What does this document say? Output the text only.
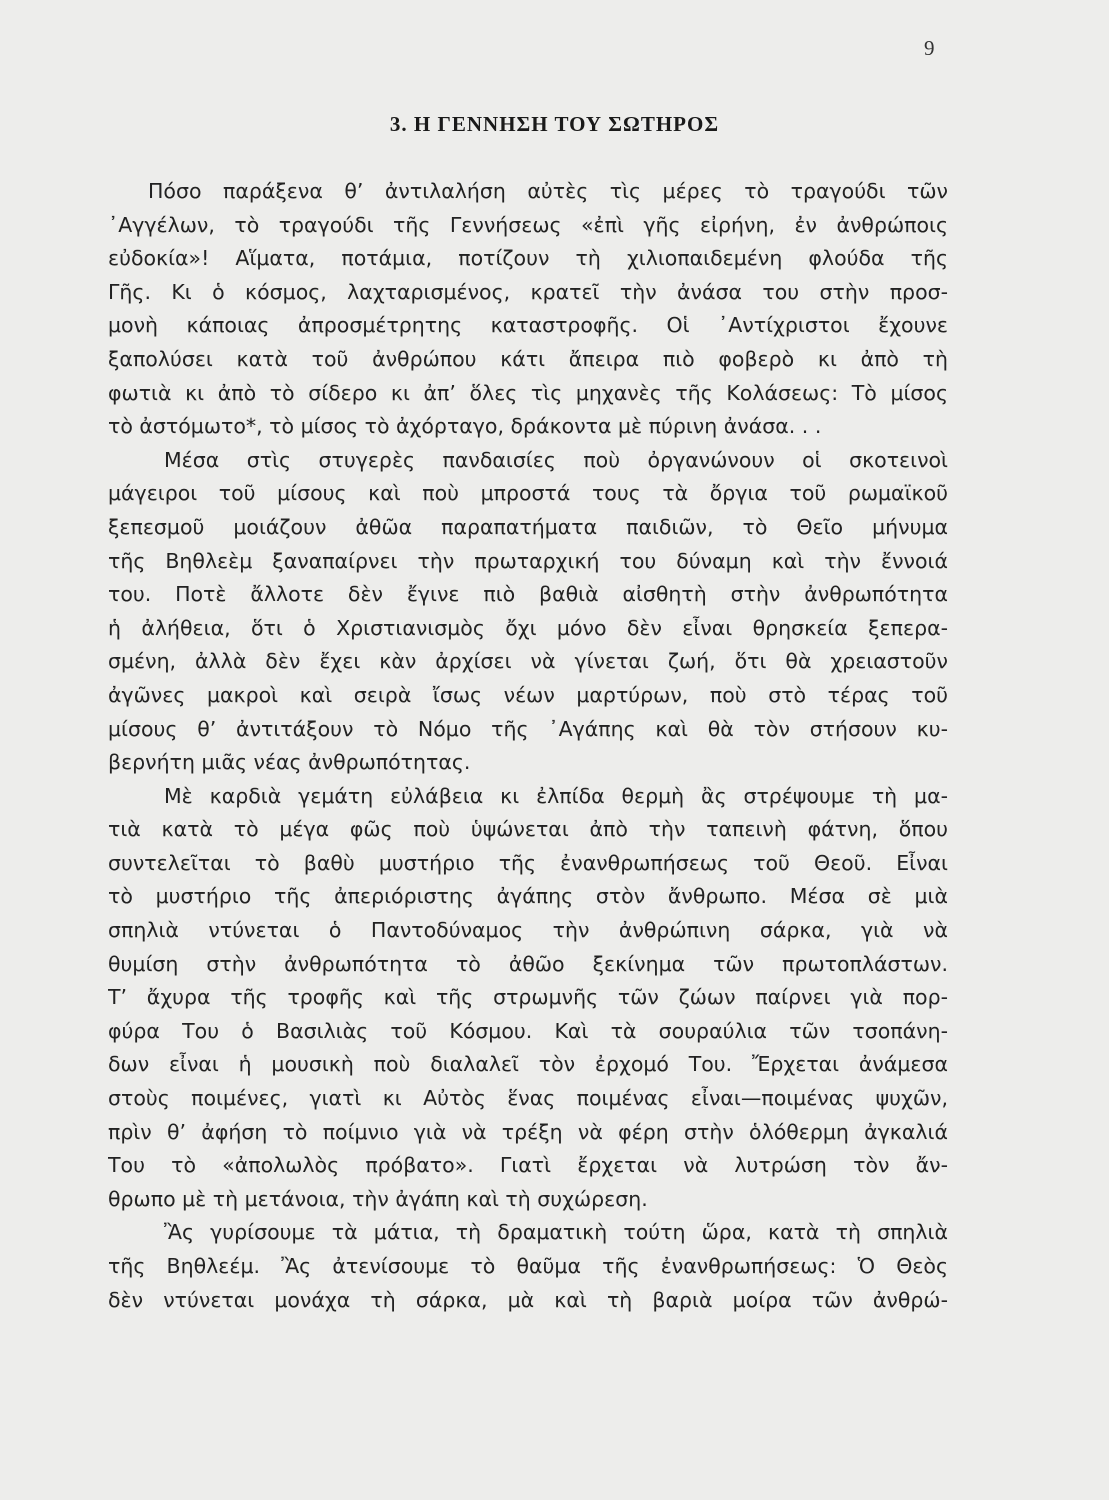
9
3. Η ΓΕΝΝΗΣΗ ΤΟΥ ΣΩΤΗΡΟΣ
Πόσο παράξενα θ’ ἀντιλαλήση αὐτὲς τὶς μέρες τὸ τραγούδι τῶν
᾿Αγγέλων, τὸ τραγούδι τῆς Γεννήσεως «ἐπὶ γῆς εἰρήνη, ἐν ἀνθρώποις
εὐδοκία»! Αἵματα, ποτάμια, ποτίζουν τὴ χιλιοπαιδεμένη φλούδα τῆς
Γῆς. Κι ὁ κόσμος, λαχταρισμένος, κρατεῖ τὴν ἀνάσα του στὴν προσ-
μονὴ κάποιας ἀπροσμέτρητης καταστροφῆς. Οἱ ᾿Αντίχριστοι ἔχουνε
ξαπολύσει κατὰ τοῦ ἀνθρώπου κάτι ἄπειρα πιὸ φοβερὸ κι ἀπὸ τὴ
φωτιὰ κι ἀπὸ τὸ σίδερο κι ἀπ’ ὅλες τὶς μηχανὲς τῆς Κολάσεως: Τὸ μίσος
τὸ ἀστόμωτο*, τὸ μίσος τὸ ἀχόρταγο, δράκοντα μὲ πύρινη ἀνάσα. . .
Μέσα στὶς στυγερὲς πανδαισίες ποὺ ὀργανώνουν οἱ σκοτεινοὶ
μάγειροι τοῦ μίσους καὶ ποὺ μπροστά τους τὰ ὄργια τοῦ ρωμαϊκοῦ
ξεπεσμοῦ μοιάζουν ἀθῶα παραπατήματα παιδιῶν, τὸ Θεῖο μήνυμα
τῆς Βηθλεὲμ ξαναπαίρνει τὴν πρωταρχική του δύναμη καὶ τὴν ἔννοιά
του. Ποτὲ ἄλλοτε δὲν ἔγινε πιὸ βαθιὰ αἰσθητὴ στὴν ἀνθρωπότητα
ἡ ἀλήθεια, ὅτι ὁ Χριστιανισμὸς ὄχι μόνο δὲν εἶναι θρησκεία ξεπερα-
σμένη, ἀλλὰ δὲν ἔχει κὰν ἀρχίσει νὰ γίνεται ζωή, ὅτι θὰ χρειαστοῦν
ἀγῶνες μακροὶ καὶ σειρὰ ἴσως νέων μαρτύρων, ποὺ στὸ τέρας τοῦ
μίσους θ’ ἀντιτάξουν τὸ Νόμο τῆς ᾿Αγάπης καὶ θὰ τὸν στήσουν κυ-
βερνήτη μιᾶς νέας ἀνθρωπότητας.
Μὲ καρδιὰ γεμάτη εὐλάβεια κι ἐλπίδα θερμὴ ἂς στρέψουμε τὴ μα-
τιὰ κατὰ τὸ μέγα φῶς ποὺ ὑψώνεται ἀπὸ τὴν ταπεινὴ φάτνη, ὅπου
συντελεῖται τὸ βαθὺ μυστήριο τῆς ἐνανθρωπήσεως τοῦ Θεοῦ. Εἶναι
τὸ μυστήριο τῆς ἀπεριόριστης ἀγάπης στὸν ἄνθρωπο. Μέσα σὲ μιὰ
σπηλιὰ ντύνεται ὁ Παντοδύναμος τὴν ἀνθρώπινη σάρκα, γιὰ νὰ
θυμίση στὴν ἀνθρωπότητα τὸ ἀθῶο ξεκίνημα τῶν πρωτοπλάστων.
Τ’ ἄχυρα τῆς τροφῆς καὶ τῆς στρωμνῆς τῶν ζώων παίρνει γιὰ πορ-
φύρα Του ὁ Βασιλιὰς τοῦ Κόσμου. Καὶ τὰ σουραύλια τῶν τσοπάνη-
δων εἶναι ἡ μουσικὴ ποὺ διαλαλεῖ τὸν ἐρχομό Του. Ἔρχεται ἀνάμεσα
στοὺς ποιμένες, γιατὶ κι Αὐτὸς ἕνας ποιμένας εἶναι—ποιμένας ψυχῶν,
πρὶν θ’ ἀφήση τὸ ποίμνιο γιὰ νὰ τρέξη νὰ φέρη στὴν ὁλόθερμη ἀγκαλιά
Του τὸ «ἀπολωλὸς πρόβατο». Γιατὶ ἔρχεται νὰ λυτρώση τὸν ἄν-
θρωπο μὲ τὴ μετάνοια, τὴν ἀγάπη καὶ τὴ συχώρεση.
Ἂς γυρίσουμε τὰ μάτια, τὴ δραματικὴ τούτη ὥρα, κατὰ τὴ σπηλιὰ
τῆς Βηθλεέμ. Ἂς ἀτενίσουμε τὸ θαῦμα τῆς ἐνανθρωπήσεως: Ὁ Θεὸς
δὲν ντύνεται μονάχα τὴ σάρκα, μὰ καὶ τὴ βαριὰ μοίρα τῶν ἀνθρώ-
